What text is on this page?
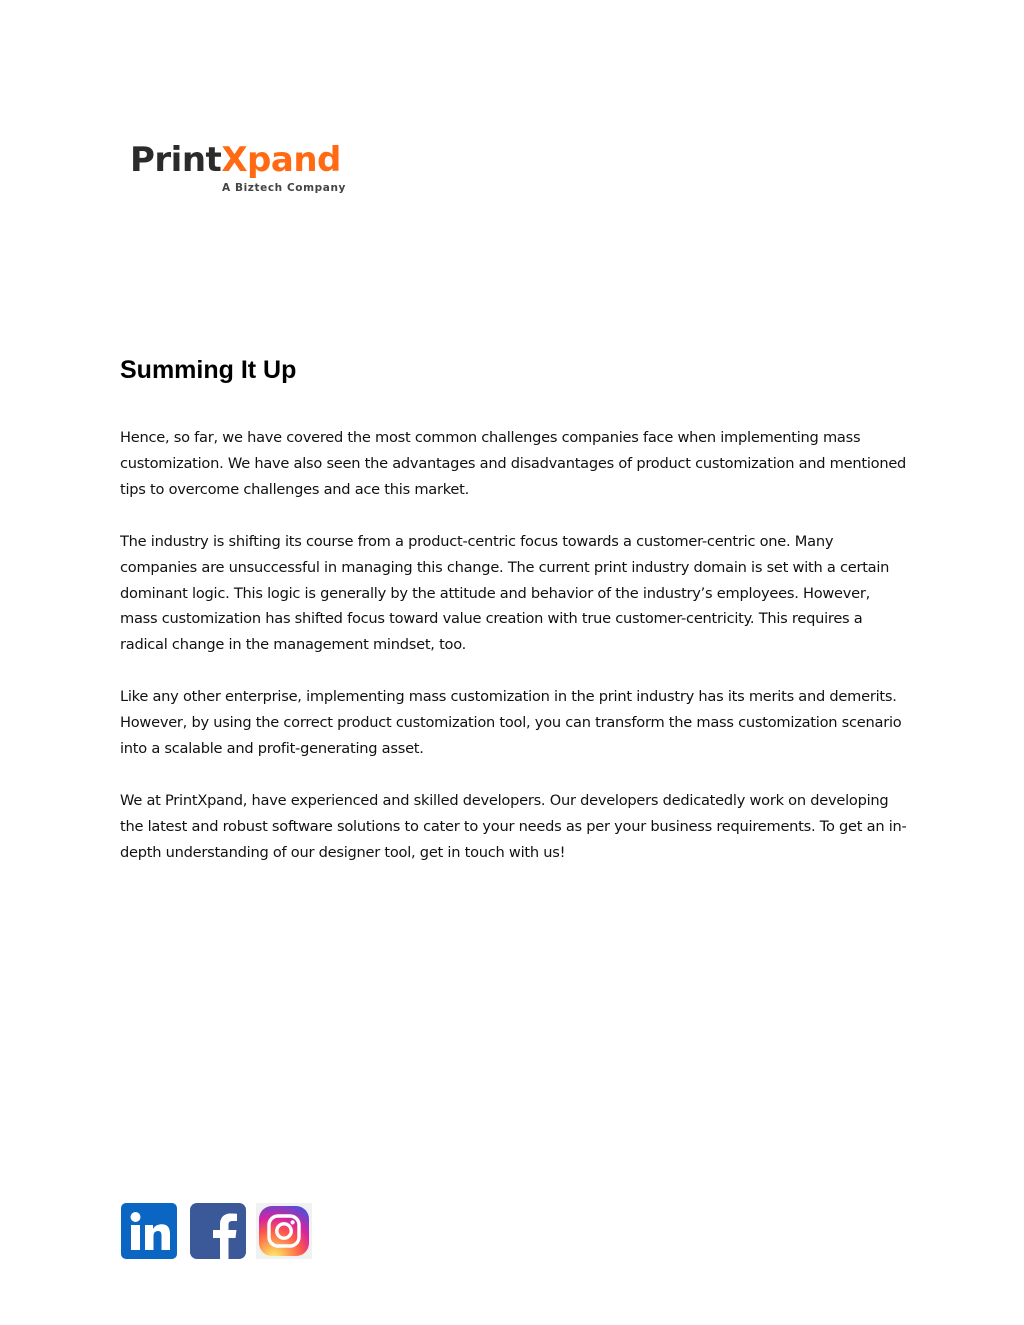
PrintXpand
A Biztech Company
Summing It Up

Hence, so far, we have covered the most common challenges companies face when implementing mass customization. We have also seen the advantages and disadvantages of product customization and mentioned tips to overcome challenges and ace this market.

The industry is shifting its course from a product-centric focus towards a customer-centric one. Many companies are unsuccessful in managing this change. The current print industry domain is set with a certain dominant logic. This logic is generally by the attitude and behavior of the industry’s employees. However, mass customization has shifted focus toward value creation with true customer-centricity. This requires a radical change in the management mindset, too.

Like any other enterprise, implementing mass customization in the print industry has its merits and demerits. However, by using the correct product customization tool, you can transform the mass customization scenario into a scalable and profit-generating asset.

We at PrintXpand, have experienced and skilled developers. Our developers dedicatedly work on developing the latest and robust software solutions to cater to your needs as per your business requirements. To get an in-depth understanding of our designer tool, get in touch with us!
